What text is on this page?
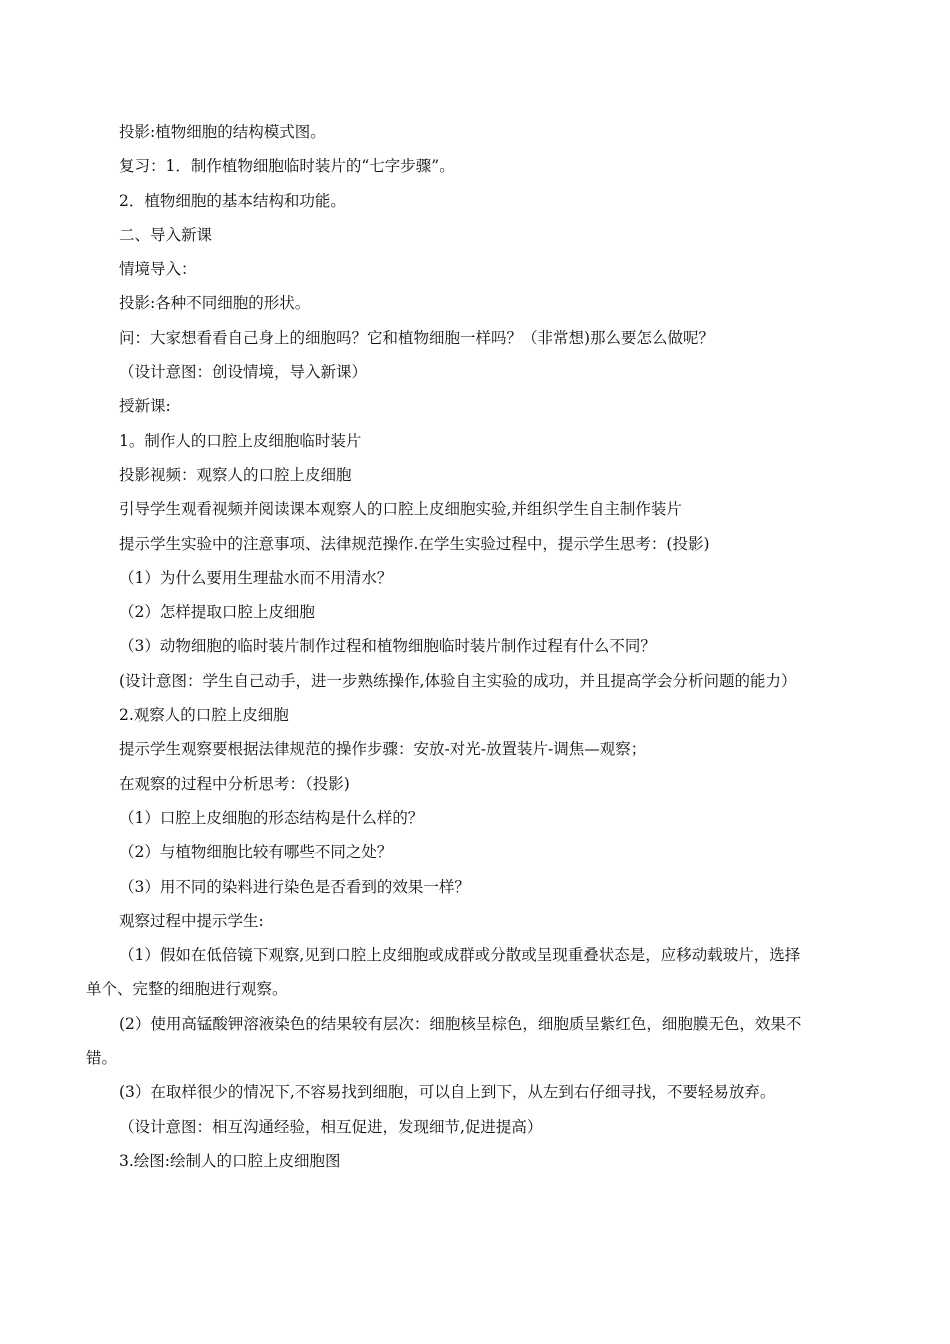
投影:植物细胞的结构模式图。
复习：1．制作植物细胞临时装片的“七字步骤”。
2．植物细胞的基本结构和功能。
二、导入新课
情境导入：
投影:各种不同细胞的形状。
问：大家想看看自己身上的细胞吗？它和植物细胞一样吗？（非常想)那么要怎么做呢？
（设计意图：创设情境，导入新课）
授新课:
1。制作人的口腔上皮细胞临时装片
投影视频：观察人的口腔上皮细胞
引导学生观看视频并阅读课本观察人的口腔上皮细胞实验,并组织学生自主制作装片
提示学生实验中的注意事项、法律规范操作.在学生实验过程中，提示学生思考：(投影)
（1）为什么要用生理盐水而不用清水？
（2）怎样提取口腔上皮细胞
（3）动物细胞的临时装片制作过程和植物细胞临时装片制作过程有什么不同？
(设计意图：学生自己动手，进一步熟练操作,体验自主实验的成功，并且提高学会分析问题的能力）
2.观察人的口腔上皮细胞
提示学生观察要根据法律规范的操作步骤：安放-对光-放置装片-调焦—观察；
在观察的过程中分析思考：（投影)
（1）口腔上皮细胞的形态结构是什么样的？
（2）与植物细胞比较有哪些不同之处？
（3）用不同的染料进行染色是否看到的效果一样？
观察过程中提示学生:
（1）假如在低倍镜下观察,见到口腔上皮细胞或成群或分散或呈现重叠状态是，应移动载玻片，选择
单个、完整的细胞进行观察。
(2）使用高锰酸钾溶液染色的结果较有层次：细胞核呈棕色，细胞质呈紫红色，细胞膜无色，效果不
错。
(3）在取样很少的情况下,不容易找到细胞，可以自上到下，从左到右仔细寻找，不要轻易放弃。
（设计意图：相互沟通经验，相互促进，发现细节,促进提高）
3.绘图:绘制人的口腔上皮细胞图
